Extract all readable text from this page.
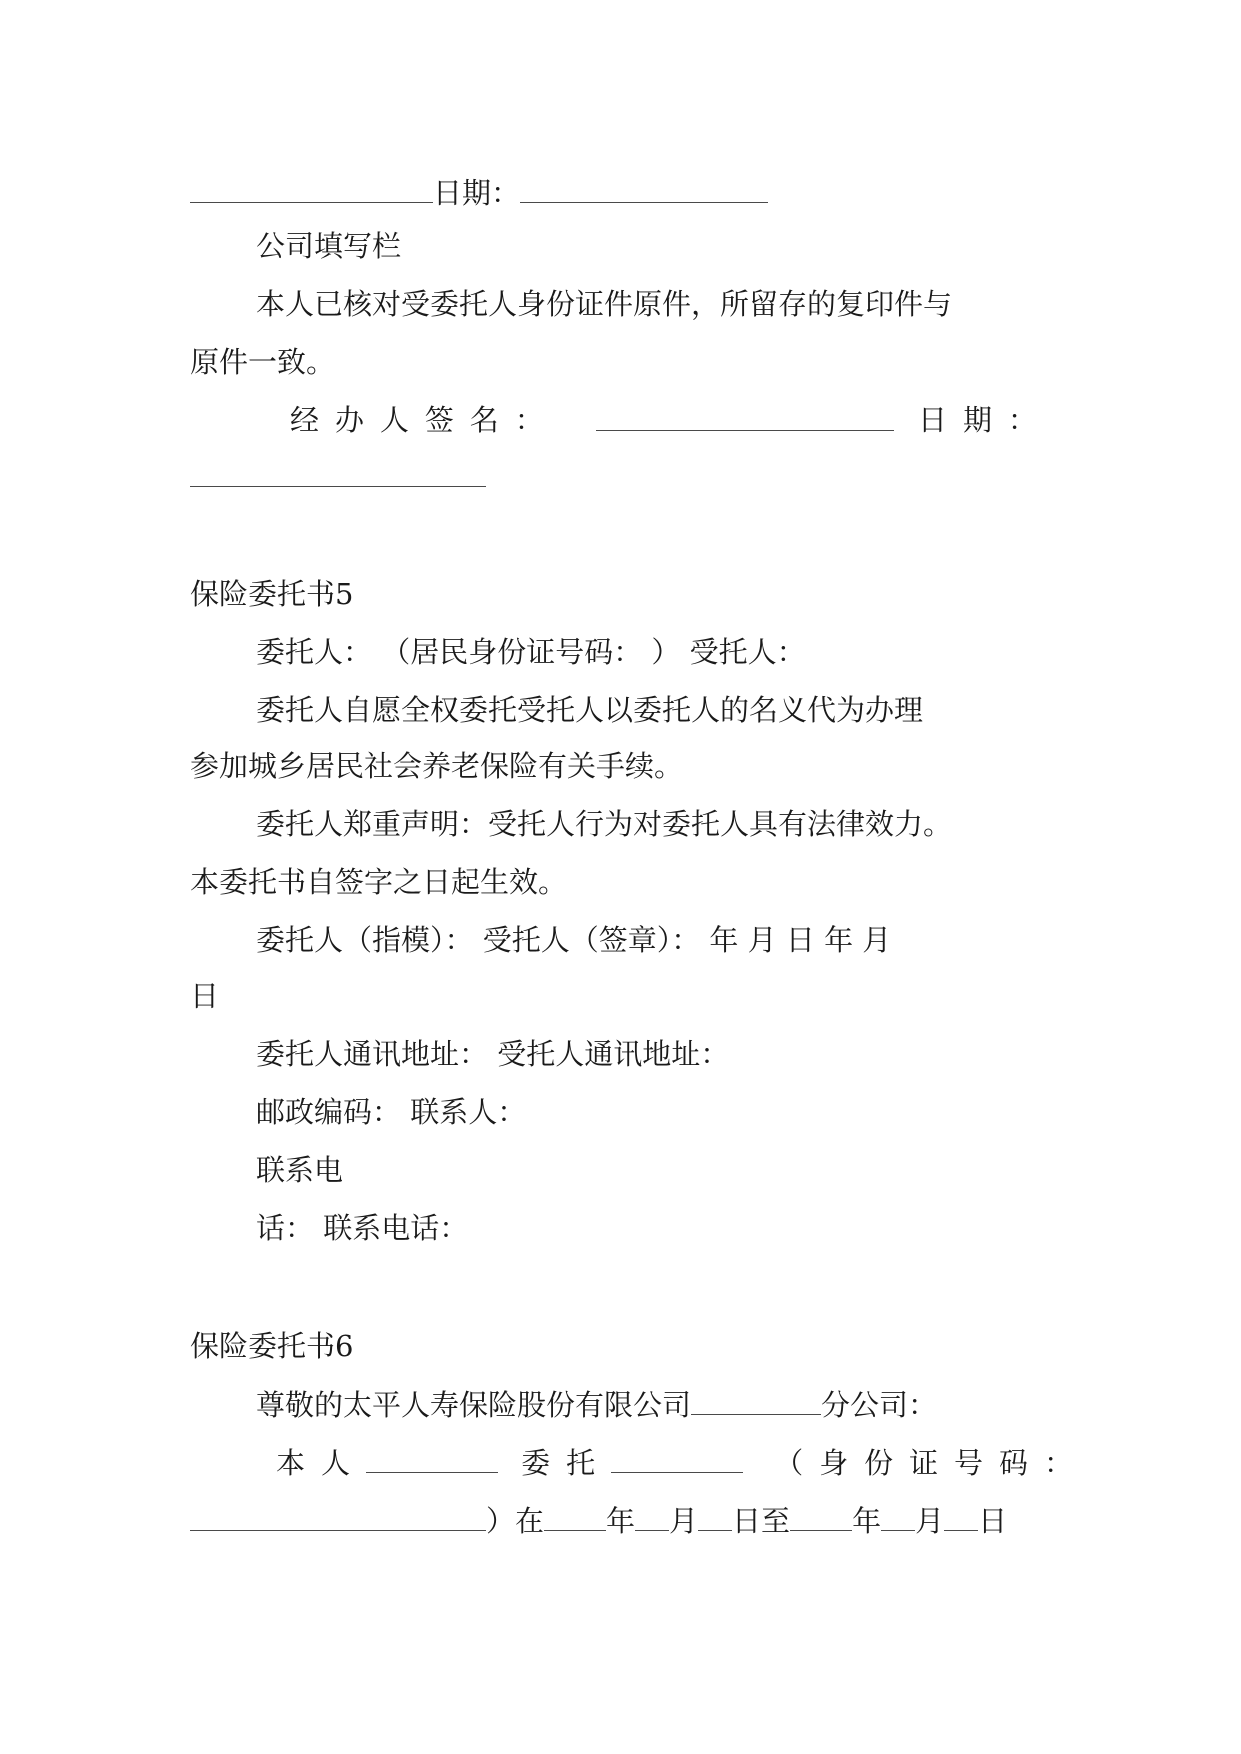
日期：
公司填写栏
本人已核对受委托人身份证件原件，所留存的复印件与
原件一致。
经办人签名：	日期：
保险委托书5
委托人： （居民身份证号码： ） 受托人：
委托人自愿全权委托受托人以委托人的名义代为办理
参加城乡居民社会养老保险有关手续。
委托人郑重声明：受托人行为对委托人具有法律效力。
本委托书自签字之日起生效。
委托人（指模）： 受托人（签章）： 年 月 日 年 月
日
委托人通讯地址： 受托人通讯地址：
邮政编码： 联系人：
联系电
话： 联系电话：
保险委托书6
尊敬的太平人寿保险股份有限公司	分公司：
本人	委托	（身份证号码：
）在 年 月 日至 年 月 日
